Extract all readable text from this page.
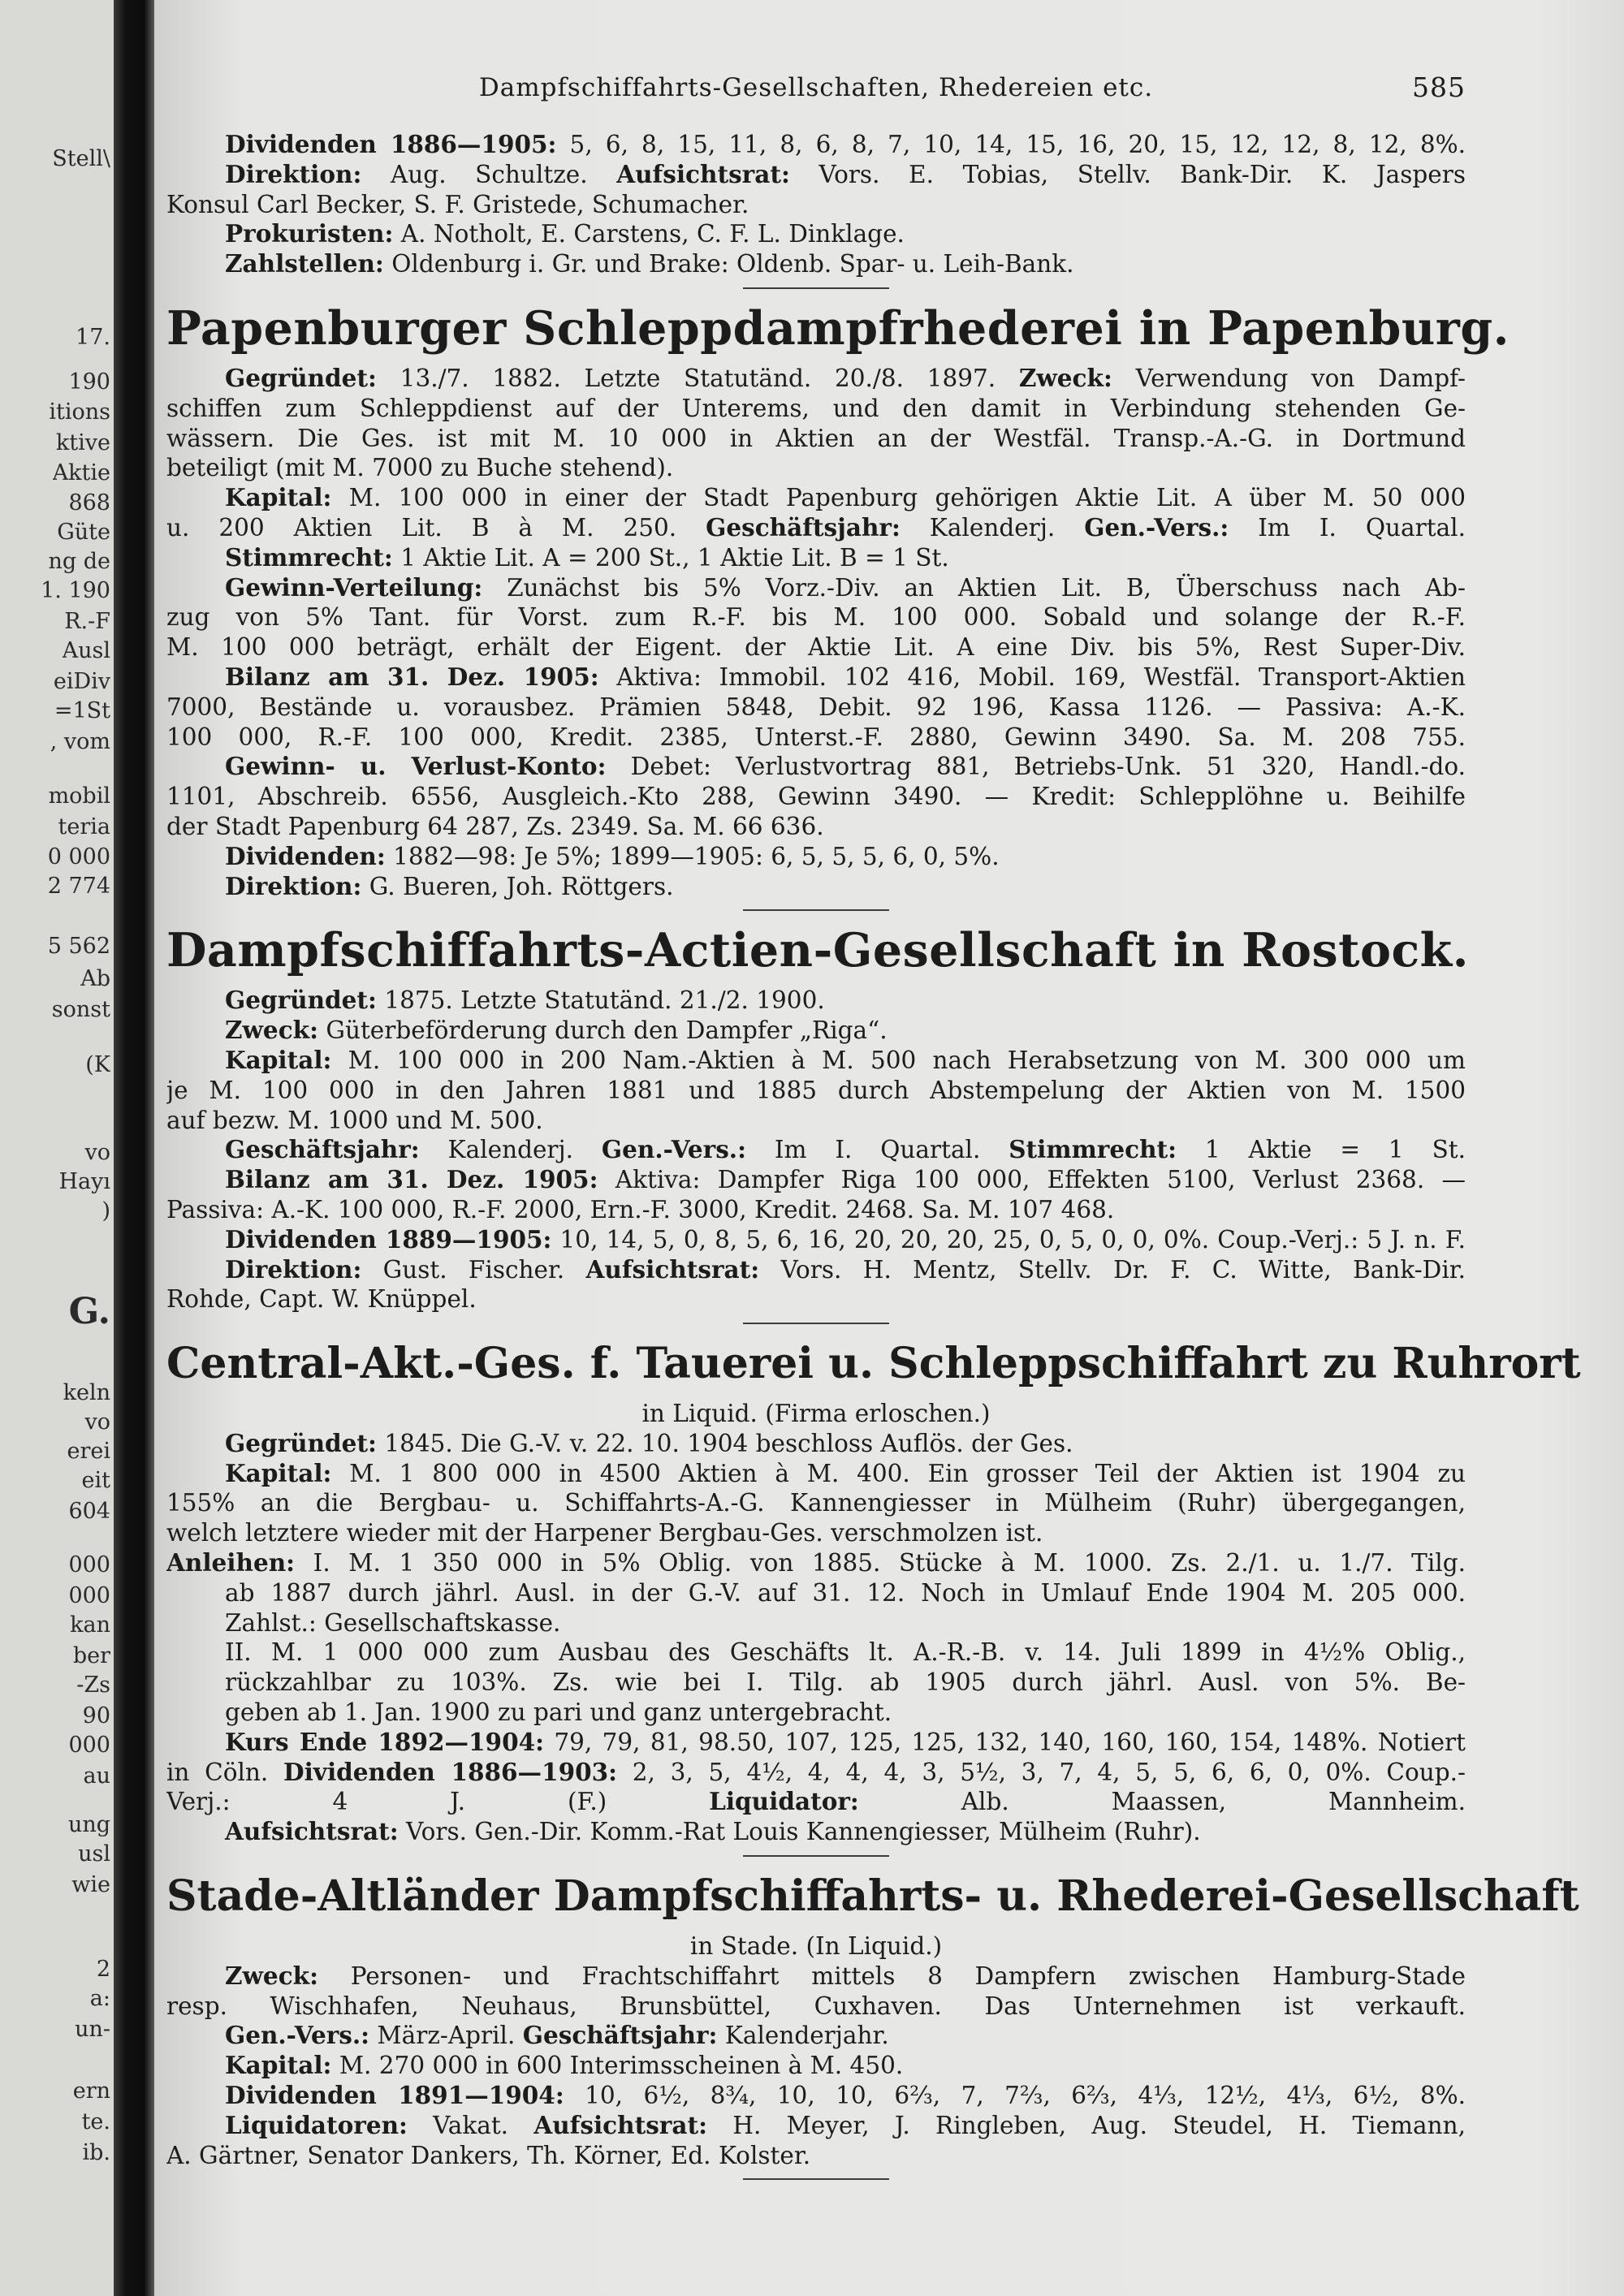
Stell\
17.
190
itions
ktive
Aktie
868
Güte
ng de
1. 190
R.-F
Ausl
eiDiv
=1St
, vom
mobil
teria
0 000
2 774
5 562
Ab
sonst
(K
vo
Hayı
)
G.
keln
vo
erei
eit
604
000
000
kan
ber
-Zs
90
000
au
ung
usl
wie
2
a:
un-
ern
te.
ib.
Dampfschiffahrts-Gesellschaften, Rhedereien etc.	585
Dividenden 1886—1905: 5, 6, 8, 15, 11, 8, 6, 8, 7, 10, 14, 15, 16, 20, 15, 12, 12, 8, 12, 8%.
Direktion: Aug. Schultze. Aufsichtsrat: Vors. E. Tobias, Stellv. Bank-Dir. K. Jaspers
Konsul Carl Becker, S. F. Gristede, Schumacher.
Prokuristen: A. Notholt, E. Carstens, C. F. L. Dinklage.
Zahlstellen: Oldenburg i. Gr. und Brake: Oldenb. Spar- u. Leih-Bank.
Papenburger Schleppdampfrhederei in Papenburg.
Gegründet: 13./7. 1882. Letzte Statutänd. 20./8. 1897. Zweck: Verwendung von Dampf-
schiffen zum Schleppdienst auf der Unterems, und den damit in Verbindung stehenden Ge-
wässern. Die Ges. ist mit M. 10 000 in Aktien an der Westfäl. Transp.-A.-G. in Dortmund
beteiligt (mit M. 7000 zu Buche stehend).
Kapital: M. 100 000 in einer der Stadt Papenburg gehörigen Aktie Lit. A über M. 50 000
u. 200 Aktien Lit. B à M. 250. Geschäftsjahr: Kalenderj. Gen.-Vers.: Im I. Quartal.
Stimmrecht: 1 Aktie Lit. A = 200 St., 1 Aktie Lit. B = 1 St.
Gewinn-Verteilung: Zunächst bis 5% Vorz.-Div. an Aktien Lit. B, Überschuss nach Ab-
zug von 5% Tant. für Vorst. zum R.-F. bis M. 100 000. Sobald und solange der R.-F.
M. 100 000 beträgt, erhält der Eigent. der Aktie Lit. A eine Div. bis 5%, Rest Super-Div.
Bilanz am 31. Dez. 1905: Aktiva: Immobil. 102 416, Mobil. 169, Westfäl. Transport-Aktien
7000, Bestände u. vorausbez. Prämien 5848, Debit. 92 196, Kassa 1126. — Passiva: A.-K.
100 000, R.-F. 100 000, Kredit. 2385, Unterst.-F. 2880, Gewinn 3490. Sa. M. 208 755.
Gewinn- u. Verlust-Konto: Debet: Verlustvortrag 881, Betriebs-Unk. 51 320, Handl.-do.
1101, Abschreib. 6556, Ausgleich.-Kto 288, Gewinn 3490. — Kredit: Schlepplöhne u. Beihilfe
der Stadt Papenburg 64 287, Zs. 2349. Sa. M. 66 636.
Dividenden: 1882—98: Je 5%; 1899—1905: 6, 5, 5, 5, 6, 0, 5%.
Direktion: G. Bueren, Joh. Röttgers.
Dampfschiffahrts-Actien-Gesellschaft in Rostock.
Gegründet: 1875. Letzte Statutänd. 21./2. 1900.
Zweck: Güterbeförderung durch den Dampfer „Riga“.
Kapital: M. 100 000 in 200 Nam.-Aktien à M. 500 nach Herabsetzung von M. 300 000 um
je M. 100 000 in den Jahren 1881 und 1885 durch Abstempelung der Aktien von M. 1500
auf bezw. M. 1000 und M. 500.
Geschäftsjahr: Kalenderj. Gen.-Vers.: Im I. Quartal. Stimmrecht: 1 Aktie = 1 St.
Bilanz am 31. Dez. 1905: Aktiva: Dampfer Riga 100 000, Effekten 5100, Verlust 2368. —
Passiva: A.-K. 100 000, R.-F. 2000, Ern.-F. 3000, Kredit. 2468. Sa. M. 107 468.
Dividenden 1889—1905: 10, 14, 5, 0, 8, 5, 6, 16, 20, 20, 20, 25, 0, 5, 0, 0, 0%. Coup.-Verj.: 5 J. n. F.
Direktion: Gust. Fischer. Aufsichtsrat: Vors. H. Mentz, Stellv. Dr. F. C. Witte, Bank-Dir.
Rohde, Capt. W. Knüppel.
Central-Akt.-Ges. f. Tauerei u. Schleppschiffahrt zu Ruhrort
in Liquid. (Firma erloschen.)
Gegründet: 1845. Die G.-V. v. 22. 10. 1904 beschloss Auflös. der Ges.
Kapital: M. 1 800 000 in 4500 Aktien à M. 400. Ein grosser Teil der Aktien ist 1904 zu
155% an die Bergbau- u. Schiffahrts-A.-G. Kannengiesser in Mülheim (Ruhr) übergegangen,
welch letztere wieder mit der Harpener Bergbau-Ges. verschmolzen ist.
Anleihen: I. M. 1 350 000 in 5% Oblig. von 1885. Stücke à M. 1000. Zs. 2./1. u. 1./7. Tilg.
ab 1887 durch jährl. Ausl. in der G.-V. auf 31. 12. Noch in Umlauf Ende 1904 M. 205 000.
Zahlst.: Gesellschaftskasse.
II. M. 1 000 000 zum Ausbau des Geschäfts lt. A.-R.-B. v. 14. Juli 1899 in 4½% Oblig.,
rückzahlbar zu 103%. Zs. wie bei I. Tilg. ab 1905 durch jährl. Ausl. von 5%. Be-
geben ab 1. Jan. 1900 zu pari und ganz untergebracht.
Kurs Ende 1892—1904: 79, 79, 81, 98.50, 107, 125, 125, 132, 140, 160, 160, 154, 148%. Notiert
in Cöln. Dividenden 1886—1903: 2, 3, 5, 4½, 4, 4, 4, 3, 5½, 3, 7, 4, 5, 5, 6, 6, 0, 0%. Coup.-
Verj.: 4 J. (F.) Liquidator: Alb. Maassen, Mannheim.
Aufsichtsrat: Vors. Gen.-Dir. Komm.-Rat Louis Kannengiesser, Mülheim (Ruhr).
Stade-Altländer Dampfschiffahrts- u. Rhederei-Gesellschaft
in Stade. (In Liquid.)
Zweck: Personen- und Frachtschiffahrt mittels 8 Dampfern zwischen Hamburg-Stade
resp. Wischhafen, Neuhaus, Brunsbüttel, Cuxhaven. Das Unternehmen ist verkauft.
Gen.-Vers.: März-April. Geschäftsjahr: Kalenderjahr.
Kapital: M. 270 000 in 600 Interimsscheinen à M. 450.
Dividenden 1891—1904: 10, 6½, 8¾, 10, 10, 6⅔, 7, 7⅔, 6⅔, 4⅓, 12½, 4⅓, 6½, 8%.
Liquidatoren: Vakat. Aufsichtsrat: H. Meyer, J. Ringleben, Aug. Steudel, H. Tiemann,
A. Gärtner, Senator Dankers, Th. Körner, Ed. Kolster.
